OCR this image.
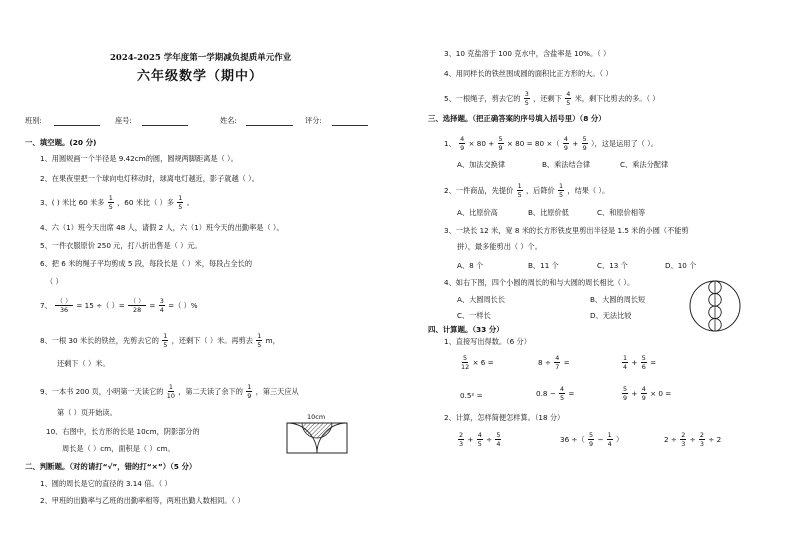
2024-2025 学年度第一学期减负提质单元作业
六年级数学（期中）
班别:	座号:	姓名:	评分:
一、填空题。(20 分)
1、用圆规画一个半径是 9.42cm的圆，圆规两脚距离是（ ）。
2、在果夜里把一个球向电灯移动时，球离电灯越近，影子就越（ ）。
3、( ) 米比 60 米多 $\frac{1}{5}$ ，60 米比（ ）多 $\frac{1}{5}$ 。
4、六（1）班今天出席 48 人，请假 2 人，六（1）班今天的出勤率是（ ）。
5、一件衣服原价 250 元，打八折出售是（ ）元。
6、把 6 米的绳子平均剪成 5 段，每段长是（ ）米，每段占全长的
（ ）
7、 $\frac{( )}{36} = 15$ ÷（ ）= $\frac{( )}{28} = \frac{3}{4}$ =（ ）%
8、一根 30 米长的铁丝，先剪去它的 $\frac{1}{5}$ ，还剩下（ ）米。再剪去 $\frac{1}{5}$ m，
还剩下（ ）米。
9、一本书 200 页，小明第一天读它的 $\frac{1}{10}$ ，第二天读了余下的 $\frac{1}{9}$ ，第三天应从
第（ ）页开始读。
10、右图中，长方形的长是 10cm，阴影部分的
周长是（ ）cm，面积是（ ）cm。
10cm
二、判断题。（对的请打“√”，错的打“×”）（5 分）
1、圆的周长是它的直径的 3.14 倍。（ ）
2、甲班的出勤率与乙班的出勤率相等，两班出勤人数相同。（ ）
3、10 克盐溶于 100 克水中，含盐率是 10%。（ ）
4、用同样长的铁丝围成圆的面积比正方形的大。（ ）
5、一根绳子，剪去它的 $\frac{3}{5}$ ，还剩下 $\frac{4}{5}$ 米，剩下比剪去的多。（ ）
三、选择题。（把正确答案的序号填入括号里）（8 分）
1、 $\frac{4}{9} \times 80 + \frac{5}{9} \times 80 = 80$ ×（ $\frac{4}{9} + \frac{5}{9}$ ），这是运用了（ ）。
A、加法交换律	B、乘法结合律	C、乘法分配律
2、一件商品，先提价 $\frac{1}{5}$ ，后降价 $\frac{1}{5}$ ，结果（ ）。
A、比原价高	B、比原价低	C、和原价相等
3、一块长 12 米，宽 8 米的长方形铁皮里剪出半径是 1.5 米的小圆（不能剪
拼），最多能剪出（ ）个。
A、8 个	B、11 个	C、13 个	D、10 个
4、如右下图，四个小圆的周长的和与大圆的周长相比（ ）。
A、大圆周长长	B、大圆的周长短
C、一样长	D、无法比较
四、计算题。（33 分）
1、直接写出得数。（6 分）
$\frac{5}{12} \times 6$ =	$8 \div \frac{4}{7}$ =	$\frac{1}{4} + \frac{5}{6}$ =
0.5² =	$0.8 - \frac{4}{5}$ =	$\frac{5}{9} + \frac{4}{9} \times 0$ =
2、计算，怎样简便怎样算。（18 分）
$\frac{2}{3} + \frac{4}{5} \div \frac{5}{4}$	36 ÷（ $\frac{5}{9} - \frac{1}{4}$ ）	$2 \div \frac{2}{3} \div \frac{2}{3} \div 2$
